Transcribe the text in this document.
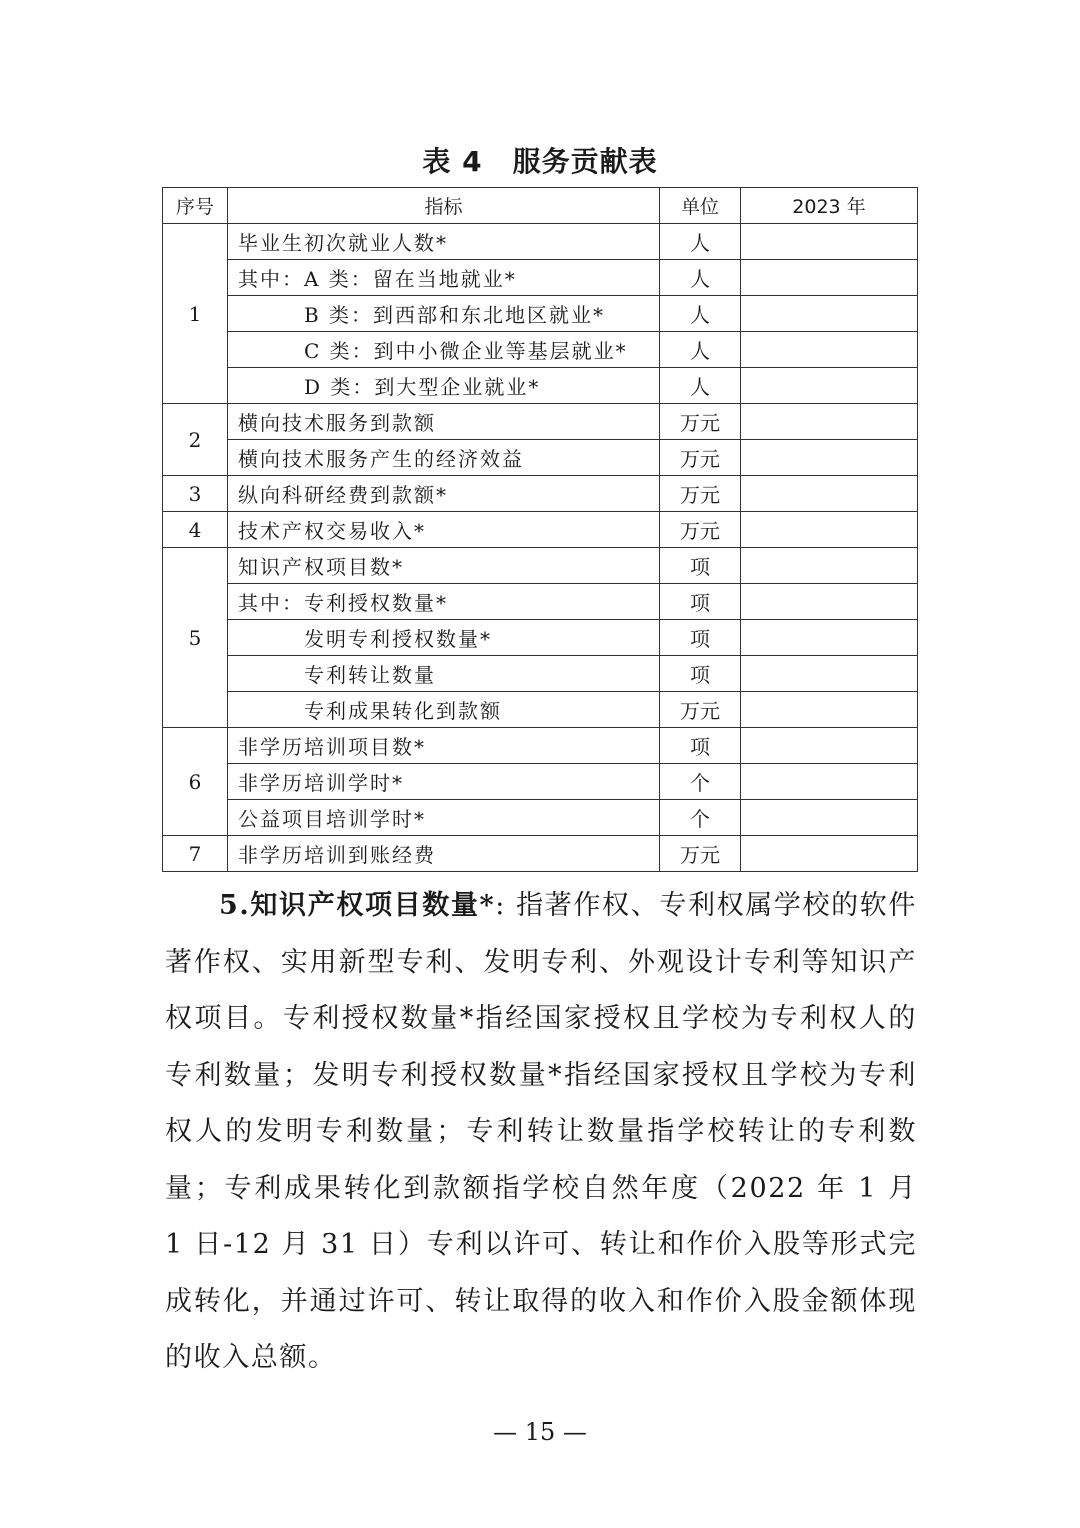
表 4 服务贡献表
序号	指标	单位	2023 年
1	毕业生初次就业人数*	人	
	其中：A 类：留在当地就业*	人	
	B 类：到西部和东北地区就业*	人	
	C 类：到中小微企业等基层就业*	人	
	D 类：到大型企业就业*	人	
2	横向技术服务到款额	万元	
	横向技术服务产生的经济效益	万元	
3	纵向科研经费到款额*	万元	
4	技术产权交易收入*	万元	
5	知识产权项目数*	项	
	其中：专利授权数量*	项	
	发明专利授权数量*	项	
	专利转让数量	项	
	专利成果转化到款额	万元	
6	非学历培训项目数*	项	
	非学历培训学时*	个	
	公益项目培训学时*	个	
7	非学历培训到账经费	万元	
5.知识产权项目数量*: 指著作权、专利权属学校的软件著作权、实用新型专利、发明专利、外观设计专利等知识产权项目。专利授权数量*指经国家授权且学校为专利权人的专利数量；发明专利授权数量*指经国家授权且学校为专利权人的发明专利数量；专利转让数量指学校转让的专利数量；专利成果转化到款额指学校自然年度（2022 年 1 月 1 日-12 月 31 日）专利以许可、转让和作价入股等形式完成转化，并通过许可、转让取得的收入和作价入股金额体现的收入总额。
— 15 —
